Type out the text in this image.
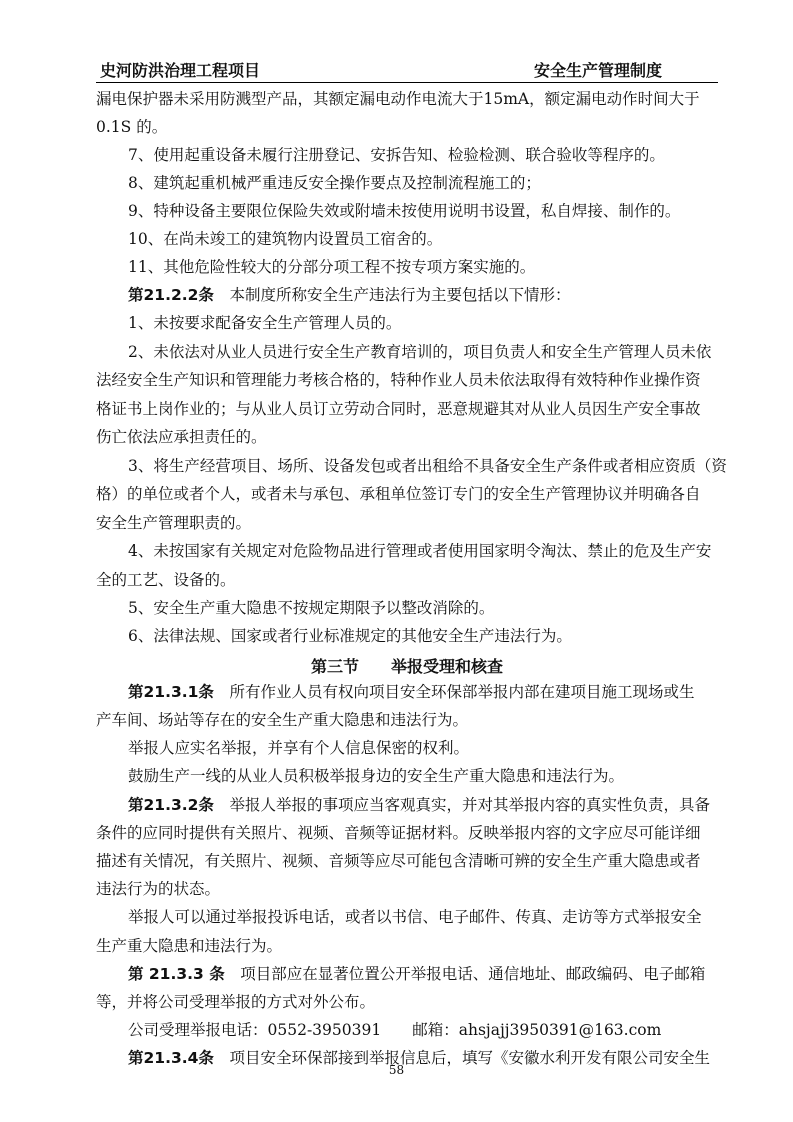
史河防洪治理工程项目	安全生产管理制度
漏电保护器未采用防溅型产品，其额定漏电动作电流大于15mA，额定漏电动作时间大于
0.1S 的。
7、使用起重设备未履行注册登记、安拆告知、检验检测、联合验收等程序的。
8、建筑起重机械严重违反安全操作要点及控制流程施工的；
9、特种设备主要限位保险失效或附墙未按使用说明书设置，私自焊接、制作的。
10、在尚未竣工的建筑物内设置员工宿舍的。
11、其他危险性较大的分部分项工程不按专项方案实施的。
第21.2.2条　 本制度所称安全生产违法行为主要包括以下情形：
1、未按要求配备安全生产管理人员的。
2、未依法对从业人员进行安全生产教育培训的，项目负责人和安全生产管理人员未依
法经安全生产知识和管理能力考核合格的，特种作业人员未依法取得有效特种作业操作资
格证书上岗作业的；与从业人员订立劳动合同时，恶意规避其对从业人员因生产安全事故
伤亡依法应承担责任的。
3、将生产经营项目、场所、设备发包或者出租给不具备安全生产条件或者相应资质（资
格）的单位或者个人，或者未与承包、承租单位签订专门的安全生产管理协议并明确各自
安全生产管理职责的。
4、未按国家有关规定对危险物品进行管理或者使用国家明令淘汰、禁止的危及生产安
全的工艺、设备的。
5、安全生产重大隐患不按规定期限予以整改消除的。
6、法律法规、国家或者行业标准规定的其他安全生产违法行为。
第三节　　 举报受理和核查
第21.3.1条　 所有作业人员有权向项目安全环保部举报内部在建项目施工现场或生
产车间、场站等存在的安全生产重大隐患和违法行为。
举报人应实名举报，并享有个人信息保密的权利。
鼓励生产一线的从业人员积极举报身边的安全生产重大隐患和违法行为。
第21.3.2条　 举报人举报的事项应当客观真实，并对其举报内容的真实性负责，具备
条件的应同时提供有关照片、视频、音频等证据材料。反映举报内容的文字应尽可能详细
描述有关情况，有关照片、视频、音频等应尽可能包含清晰可辨的安全生产重大隐患或者
违法行为的状态。
举报人可以通过举报投诉电话，或者以书信、电子邮件、传真、走访等方式举报安全
生产重大隐患和违法行为。
第 21.3.3 条　 项目部应在显著位置公开举报电话、通信地址、邮政编码、电子邮箱
等，并将公司受理举报的方式对外公布。
公司受理举报电话：0552-3950391　　邮箱：ahsjajj3950391@163.com
第21.3.4条　 项目安全环保部接到举报信息后，填写《安徽水利开发有限公司安全生
58
